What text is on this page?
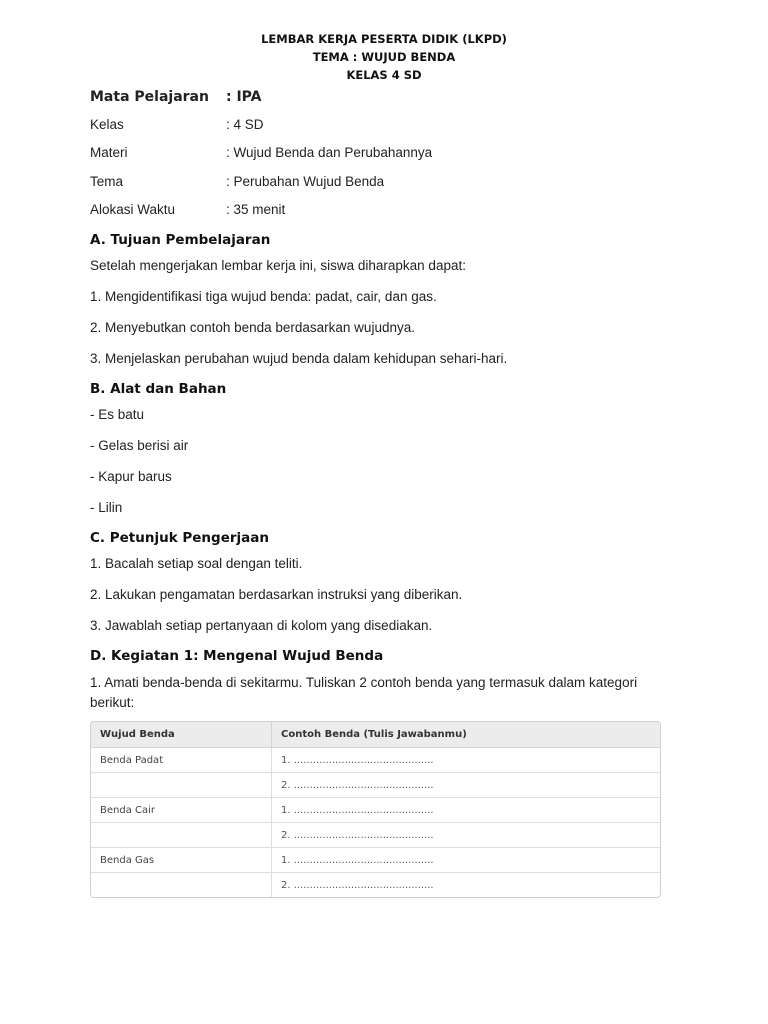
LEMBAR KERJA PESERTA DIDIK (LKPD)
TEMA : WUJUD BENDA
KELAS 4 SD
Mata Pelajaran	: IPA
Kelas	: 4 SD
Materi	: Wujud Benda dan Perubahannya
Tema	: Perubahan Wujud Benda
Alokasi Waktu	: 35 menit
A. Tujuan Pembelajaran

Setelah mengerjakan lembar kerja ini, siswa diharapkan dapat:

1. Mengidentifikasi tiga wujud benda: padat, cair, dan gas.

2. Menyebutkan contoh benda berdasarkan wujudnya.

3. Menjelaskan perubahan wujud benda dalam kehidupan sehari-hari.

B. Alat dan Bahan

- Es batu

- Gelas berisi air

- Kapur barus

- Lilin

C. Petunjuk Pengerjaan

1. Bacalah setiap soal dengan teliti.

2. Lakukan pengamatan berdasarkan instruksi yang diberikan.

3. Jawablah setiap pertanyaan di kolom yang disediakan.

D. Kegiatan 1: Mengenal Wujud Benda

1. Amati benda-benda di sekitarmu. Tuliskan 2 contoh benda yang termasuk dalam kategori berikut:

Wujud Benda	Contoh Benda (Tulis Jawabanmu)
Benda Padat	1. ............................................
	2. ............................................
Benda Cair	1. ............................................
	2. ............................................
Benda Gas	1. ............................................
	2. ............................................
